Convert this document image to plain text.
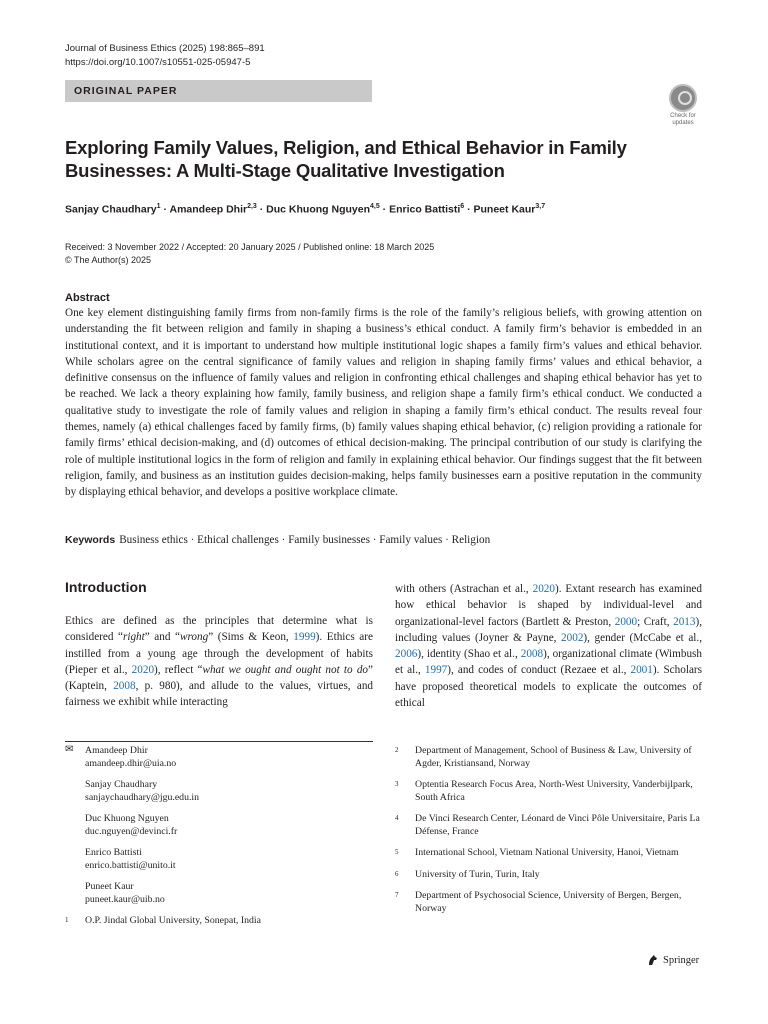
Journal of Business Ethics (2025) 198:865–891
https://doi.org/10.1007/s10551-025-05947-5
ORIGINAL PAPER
Check for updates
Exploring Family Values, Religion, and Ethical Behavior in Family Businesses: A Multi-Stage Qualitative Investigation
Sanjay Chaudhary$^1$ · Amandeep Dhir$^{2,3}$ · Duc Khuong Nguyen$^{4,5}$ · Enrico Battisti$^6$ · Puneet Kaur$^{3,7}$
Received: 3 November 2022 / Accepted: 20 January 2025 / Published online: 18 March 2025
© The Author(s) 2025
Abstract
One key element distinguishing family firms from non-family firms is the role of the family’s religious beliefs, with growing attention on understanding the fit between religion and family in shaping a business’s ethical conduct. A family firm’s behavior is embedded in an institutional context, and it is important to understand how multiple institutional logic shapes a family firm’s values and ethical behavior. While scholars agree on the central significance of family values and religion in shaping family firms’ values and ethical behavior, a definitive consensus on the influence of family values and religion in confronting ethical challenges and shaping ethical behavior has yet to be reached. We lack a theory explaining how family, family business, and religion shape a family firm’s ethical conduct. We conducted a qualitative study to investigate the role of family values and religion in shaping a family firm’s ethical conduct. The results reveal four themes, namely (a) ethical challenges faced by family firms, (b) family values shaping ethical behavior, (c) religion providing a rationale for family firms’ ethical decision-making, and (d) outcomes of ethical decision-making. The principal contribution of our study is clarifying the role of multiple institutional logics in the form of religion and family in explaining ethical behavior. Our findings suggest that the fit between religion, family, and business as an institution guides decision-making, helps family businesses earn a positive reputation in the community by displaying ethical behavior, and develops a positive workplace climate.
Keywords Business ethics · Ethical challenges · Family businesses · Family values · Religion
Introduction
Ethics are defined as the principles that determine what is considered “right” and “wrong” (Sims & Keon, 1999). Ethics are instilled from a young age through the development of habits (Pieper et al., 2020), reflect “what we ought and ought not to do” (Kaptein, 2008, p. 980), and allude to the values, virtues, and fairness we exhibit while interacting
with others (Astrachan et al., 2020). Extant research has examined how ethical behavior is shaped by individual-level and organizational-level factors (Bartlett & Preston, 2000; Craft, 2013), including values (Joyner & Payne, 2002), gender (McCabe et al., 2006), identity (Shao et al., 2008), organizational climate (Wimbush et al., 1997), and codes of conduct (Rezaee et al., 2001). Scholars have proposed theoretical models to explicate the outcomes of ethical
✉	Amandeep Dhir
amandeep.dhir@uia.no
Sanjay Chaudhary
sanjaychaudhary@jgu.edu.in
Duc Khuong Nguyen
duc.nguyen@devinci.fr
Enrico Battisti
enrico.battisti@unito.it
Puneet Kaur
puneet.kaur@uib.no
1	O.P. Jindal Global University, Sonepat, India
2	Department of Management, School of Business & Law, University of Agder, Kristiansand, Norway
3	Optentia Research Focus Area, North-West University, Vanderbijlpark, South Africa
4	De Vinci Research Center, Léonard de Vinci Pôle Universitaire, Paris La Défense, France
5	International School, Vietnam National University, Hanoi, Vietnam
6	University of Turin, Turin, Italy
7	Department of Psychosocial Science, University of Bergen, Bergen, Norway
Springer
